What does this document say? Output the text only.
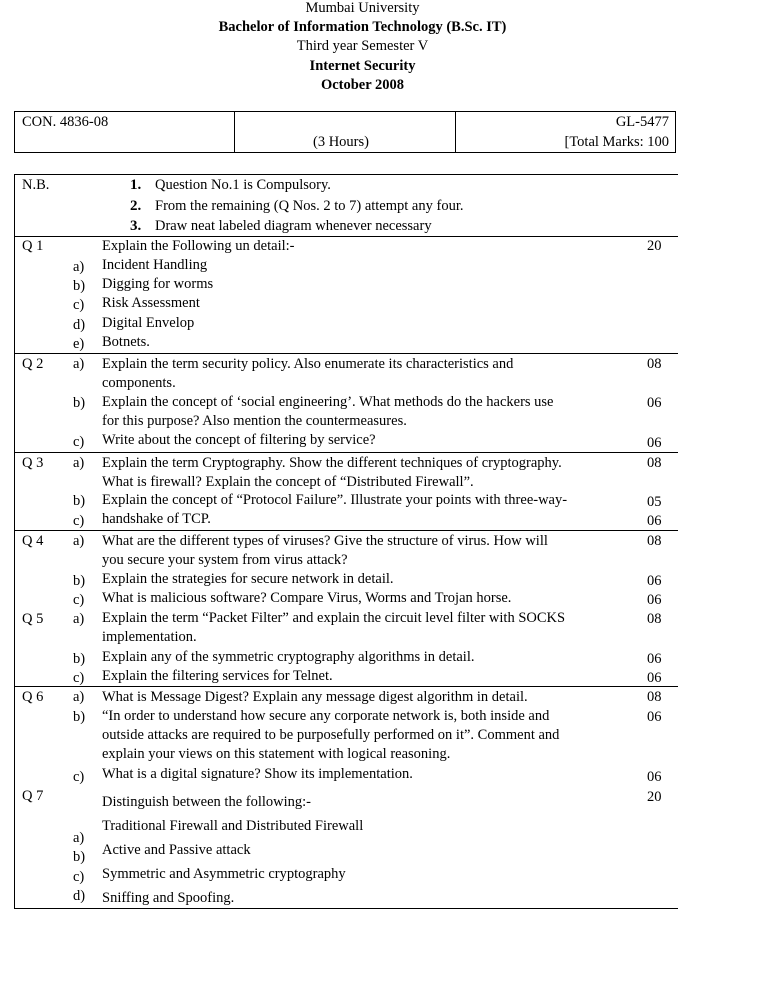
Mumbai University
Bachelor of Information Technology (B.Sc. IT)
Third year Semester V
Internet Security
October 2008
CON. 4836-08
(3 Hours)
GL-5477
[Total Marks: 100
N.B.	1. Question No.1 is Compulsory.
2. From the remaining (Q Nos. 2 to 7) attempt any four.
3. Draw neat labeled diagram whenever necessary
Q 1	Explain the Following un detail:-	20
a) Incident Handling
b) Digging for worms
c) Risk Assessment
d) Digital Envelop
e) Botnets.
Q 2 a) Explain the term security policy. Also enumerate its characteristics and
components.
08
b) Explain the concept of ‘social engineering’. What methods do the hackers use
for this purpose? Also mention the countermeasures.
06
c) Write about the concept of filtering by service?	06
Q 3 a) Explain the term Cryptography. Show the different techniques of cryptography.
What is firewall? Explain the concept of “Distributed Firewall”.
08
b) Explain the concept of “Protocol Failure”. Illustrate your points with three-way-	05
c) handshake of TCP.	06
Q 4 a) What are the different types of viruses? Give the structure of virus. How will
you secure your system from virus attack?
08
b) Explain the strategies for secure network in detail.	06
c) What is malicious software? Compare Virus, Worms and Trojan horse.	06
Q 5 a) Explain the term “Packet Filter” and explain the circuit level filter with SOCKS
implementation.
08
b) Explain any of the symmetric cryptography algorithms in detail.	06
c) Explain the filtering services for Telnet.	06
Q 6 a) What is Message Digest? Explain any message digest algorithm in detail.	08
b) “In order to understand how secure any corporate network is, both inside and
outside attacks are required to be purposefully performed on it”. Comment and
explain your views on this statement with logical reasoning.
06
c) What is a digital signature? Show its implementation.	06
Q 7	Distinguish between the following:-	20
a)
Traditional Firewall and Distributed Firewall
b) Active and Passive attack
c) Symmetric and Asymmetric cryptography
d) Sniffing and Spoofing.
